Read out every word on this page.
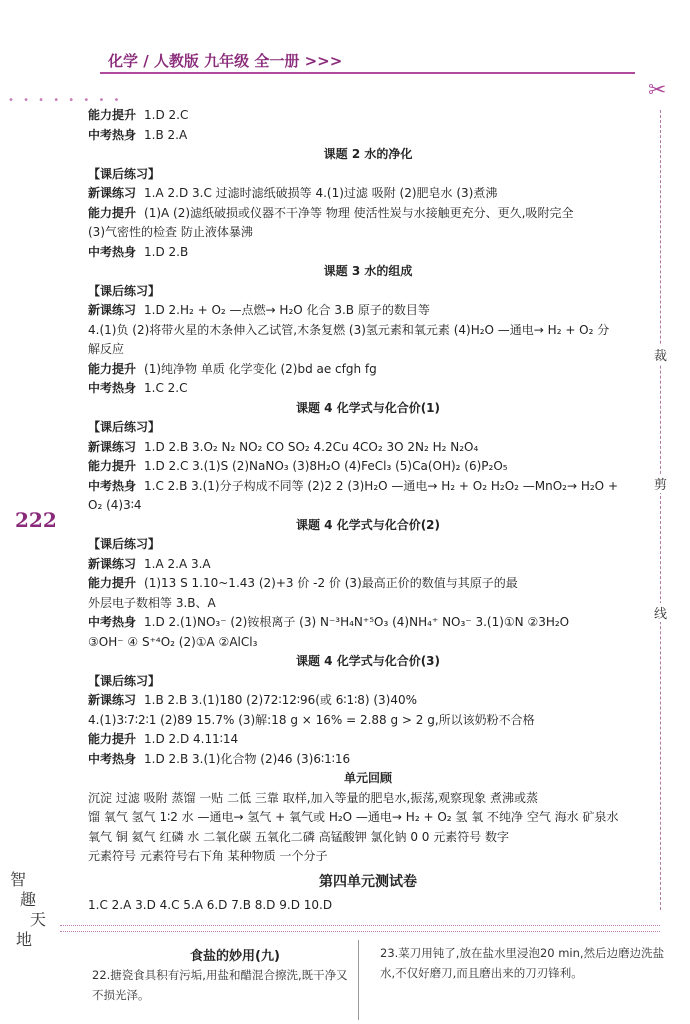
• • • • • • • •
化学 / 人教版 九年级 全一册 >>>
✂
裁
剪
线
222
能力提升 1.D 2.C
中考热身 1.B 2.A
课题 2 水的净化
【课后练习】
新课练习 1.A 2.D 3.C 过滤时滤纸破损等 4.(1)过滤 吸附 (2)肥皂水 (3)煮沸
能力提升 (1)A (2)滤纸破损或仪器不干净等 物理 使活性炭与水接触更充分、更久,吸附完全
(3)气密性的检查 防止液体暴沸
中考热身 1.D 2.B
课题 3 水的组成
【课后练习】
新课练习 1.D 2.H₂ + O₂ —点燃→ H₂O 化合 3.B 原子的数目等
4.(1)负 (2)将带火星的木条伸入乙试管,木条复燃 (3)氢元素和氧元素 (4)H₂O —通电→ H₂ + O₂ 分
解反应
能力提升 (1)纯净物 单质 化学变化 (2)bd ae cfgh fg
中考热身 1.C 2.C
课题 4 化学式与化合价(1)
【课后练习】
新课练习 1.D 2.B 3.O₂ N₂ NO₂ CO SO₂ 4.2Cu 4CO₂ 3O 2N₂ H₂ N₂O₄
能力提升 1.D 2.C 3.(1)S (2)NaNO₃ (3)8H₂O (4)FeCl₃ (5)Ca(OH)₂ (6)P₂O₅
中考热身 1.C 2.B 3.(1)分子构成不同等 (2)2 2 (3)H₂O —通电→ H₂ + O₂ H₂O₂ —MnO₂→ H₂O +
O₂ (4)3∶4
课题 4 化学式与化合价(2)
【课后练习】
新课练习 1.A 2.A 3.A
能力提升 (1)13 S 1.10~1.43 (2)+3 价 -2 价 (3)最高正价的数值与其原子的最
外层电子数相等 3.B、A
中考热身 1.D 2.(1)NO₃⁻ (2)铵根离子 (3) N⁻³H₄N⁺⁵O₃ (4)NH₄⁺ NO₃⁻ 3.(1)①N ②3H₂O
③OH⁻ ④ S⁺⁴O₂ (2)①A ②AlCl₃
课题 4 化学式与化合价(3)
【课后练习】
新课练习 1.B 2.B 3.(1)180 (2)72∶12∶96(或 6∶1∶8) (3)40%
4.(1)3∶7∶2∶1 (2)89 15.7% (3)解:18 g × 16% = 2.88 g > 2 g,所以该奶粉不合格
能力提升 1.D 2.D 4.11∶14
中考热身 1.D 2.B 3.(1)化合物 (2)46 (3)6∶1∶16
单元回顾
沉淀 过滤 吸附 蒸馏 一贴 二低 三靠 取样,加入等量的肥皂水,振荡,观察现象 煮沸或蒸
馏 氧气 氢气 1∶2 水 —通电→ 氢气 + 氧气或 H₂O —通电→ H₂ + O₂ 氢 氧 不纯净 空气 海水 矿泉水
氧气 铜 氦气 红磷 水 二氧化碳 五氧化二磷 高锰酸钾 氯化钠 0 0 元素符号 数字
元素符号 元素符号右下角 某种物质 一个分子
第四单元测试卷
1.C 2.A 3.D 4.C 5.A 6.D 7.B 8.D 9.D 10.D
智
趣
天
地
食盐的妙用(九)
22.搪瓷食具积有污垢,用盐和醋混合擦洗,既干净又不损光泽。
23.菜刀用钝了,放在盐水里浸泡20 min,然后边磨边洗盐水,不仅好磨刀,而且磨出来的刀刃锋利。
